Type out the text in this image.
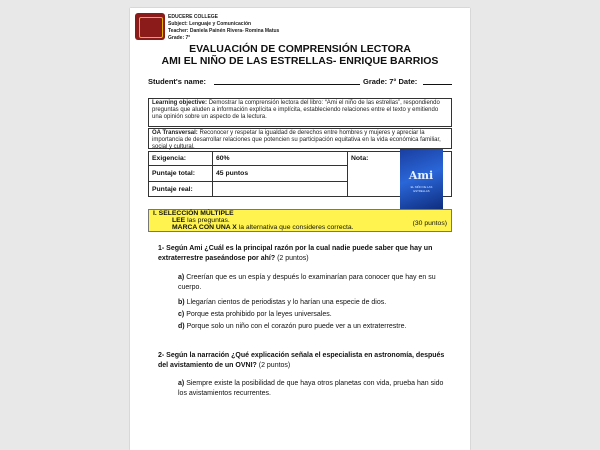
EDUCERE COLLEGE
Subject: Lenguaje y Comunicación
Teacher: Daniela Painén Rivera- Romina Matus
Grade: 7°
EVALUACIÓN DE COMPRENSIÓN LECTORA
AMI EL NIÑO DE LAS ESTRELLAS- ENRIQUE BARRIOS
Student's name:	Grade: 7° Date:
Learning objective: Demostrar la comprensión lectora del libro: “Ami el niño de las estrellas”, respondiendo preguntas que aluden a información explícita e implícita, estableciendo relaciones entre el texto y emitiendo una opinión sobre un aspecto de la lectura.
OA Transversal: Reconocer y respetar la igualdad de derechos entre hombres y mujeres y apreciar la importancia de desarrollar relaciones que potencien su participación equitativa en la vida económica familiar, social y cultural.
Exigencia:	60%
Puntaje total:	45 puntos
Puntaje real:
Nota:
Ami
EL NIÑO DE LAS ESTRELLAS
I. SELECCIÓN MÚLTIPLE
LEE las preguntas.
MARCA CON UNA X la alternativa que consideres correcta.
(30 puntos)
1- Según Ami ¿Cuál es la principal razón por la cual nadie puede saber que hay un extraterrestre paseándose por ahí? (2 puntos)
a) Creerían que es un espía y después lo examinarían para conocer que hay en su cuerpo.
b) Llegarían cientos de periodistas y lo harían una especie de dios.
c) Porque esta prohibido por la leyes universales.
d) Porque solo un niño con el corazón puro puede ver a un extraterrestre.
2- Según la narración ¿Qué explicación señala el especialista en astronomía, después del avistamiento de un OVNI? (2 puntos)
a) Siempre existe la posibilidad de que haya otros planetas con vida, prueba han sido los avistamientos recurrentes.
